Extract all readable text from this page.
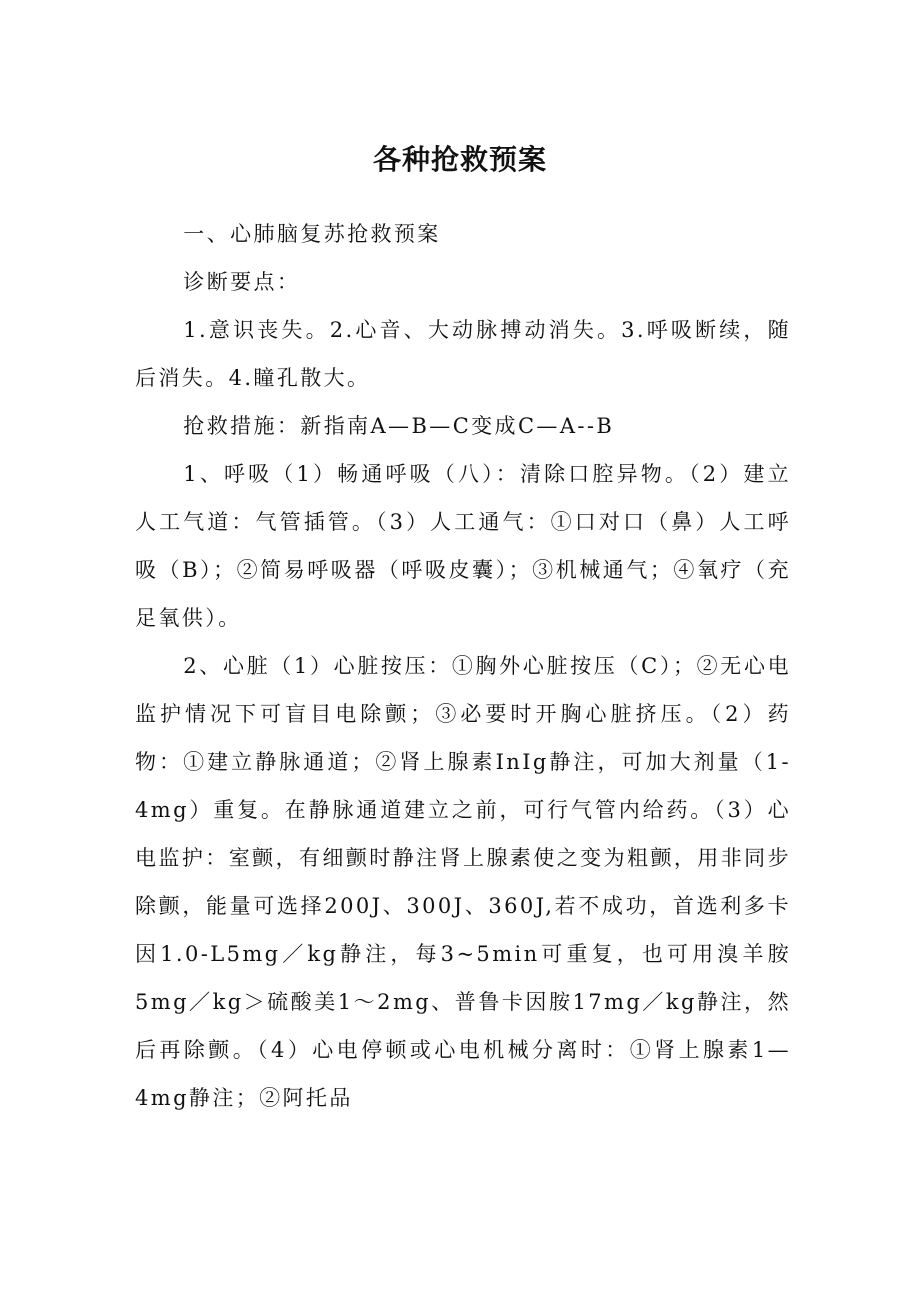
各种抢救预案

一、心肺脑复苏抢救预案

诊断要点：

1.意识丧失。2.心音、大动脉搏动消失。3.呼吸断续，随后消失。4.瞳孔散大。

抢救措施：新指南A—B—C变成C—A--B

1、呼吸（1）畅通呼吸（八）：清除口腔异物。（2）建立人工气道：气管插管。（3）人工通气：①口对口（鼻）人工呼吸（B）；②简易呼吸器（呼吸皮囊）；③机械通气；④氧疗（充足氧供）。

2、心脏（1）心脏按压：①胸外心脏按压（C）；②无心电监护情况下可盲目电除颤；③必要时开胸心脏挤压。（2）药物：①建立静脉通道；②肾上腺素InIg静注，可加大剂量（1-4mg）重复。在静脉通道建立之前，可行气管内给药。（3）心电监护：室颤，有细颤时静注肾上腺素使之变为粗颤，用非同步除颤，能量可选择200J、300J、360J,若不成功，首选利多卡因1.0-L5mg／kg静注，每3~5min可重复，也可用溴羊胺5mg／kg＞硫酸美1～2mg、普鲁卡因胺17mg／kg静注，然后再除颤。（4）心电停顿或心电机械分离时：①肾上腺素1—4mg静注；②阿托品
